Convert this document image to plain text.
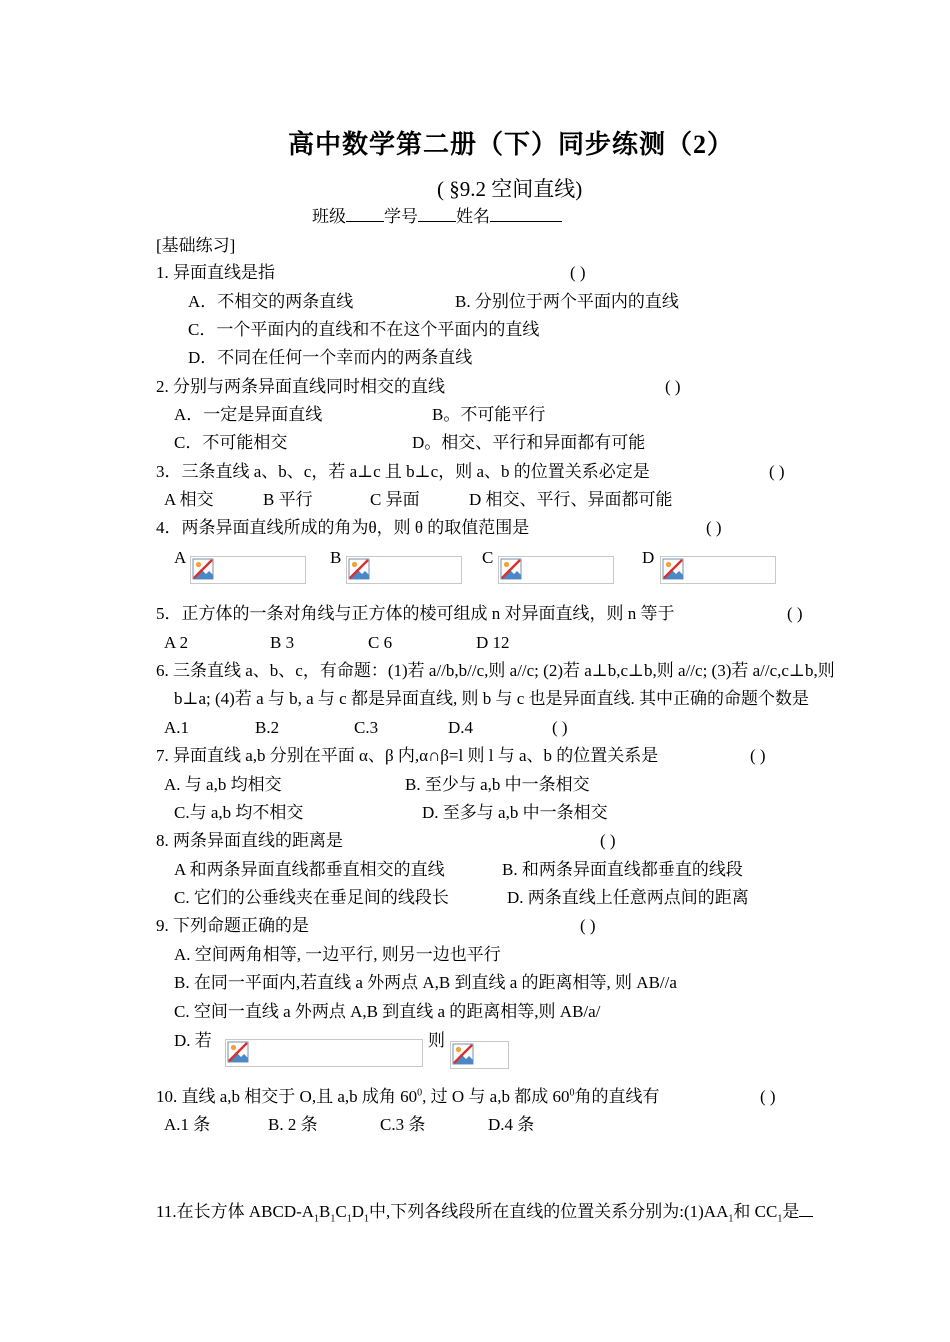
高中数学第二册（下）同步练测（2）
( §9.2 空间直线)
班级 学号 姓名
[基础练习]
1. 异面直线是指	( )
A．不相交的两条直线	B. 分别位于两个平面内的直线
C．一个平面内的直线和不在这个平面内的直线
D．不同在任何一个幸而内的两条直线
2. 分别与两条异面直线同时相交的直线	( )
A．一定是异面直线	B。不可能平行
C．不可能相交	D。相交、平行和异面都有可能
3．三条直线 a、b、c，若 a⊥c 且 b⊥c，则 a、b 的位置关系必定是	( )
A 相交	B 平行	C 异面	D 相交、平行、异面都可能
4．两条异面直线所成的角为θ，则 θ 的取值范围是	( )
A	B	C	D
5．正方体的一条对角线与正方体的棱可组成 n 对异面直线，则 n 等于	( )
A 2	B 3	C 6	D 12
6. 三条直线 a、b、c，有命题：(1)若 a//b,b//c,则 a//c; (2)若 a⊥b,c⊥b,则 a//c; (3)若 a//c,c⊥b,则
b⊥a; (4)若 a 与 b, a 与 c 都是异面直线, 则 b 与 c 也是异面直线. 其中正确的命题个数是
A.1	B.2	C.3	D.4	( )
7. 异面直线 a,b 分别在平面 α、β 内,α∩β=l 则 l 与 a、b 的位置关系是	( )
A. 与 a,b 均相交	B. 至少与 a,b 中一条相交
C.与 a,b 均不相交	D. 至多与 a,b 中一条相交
8. 两条异面直线的距离是	( )
A 和两条异面直线都垂直相交的直线	B. 和两条异面直线都垂直的线段
C. 它们的公垂线夹在垂足间的线段长	D. 两条直线上任意两点间的距离
9. 下列命题正确的是	( )
A. 空间两角相等, 一边平行, 则另一边也平行
B. 在同一平面内,若直线 a 外两点 A,B 到直线 a 的距离相等, 则 AB//a
C. 空间一直线 a 外两点 A,B 到直线 a 的距离相等,则 AB/a/
D. 若	则
10. 直线 a,b 相交于 O,且 a,b 成角 $60^0$, 过 O 与 a,b 都成 $60^0$角的直线有	( )
A.1 条	B. 2 条	C.3 条	D.4 条
11.在长方体 ABCD-$A_1B_1C_1D_1$中,下列各线段所在直线的位置关系分别为$:(1)AA_1$和 $CC_1$是
